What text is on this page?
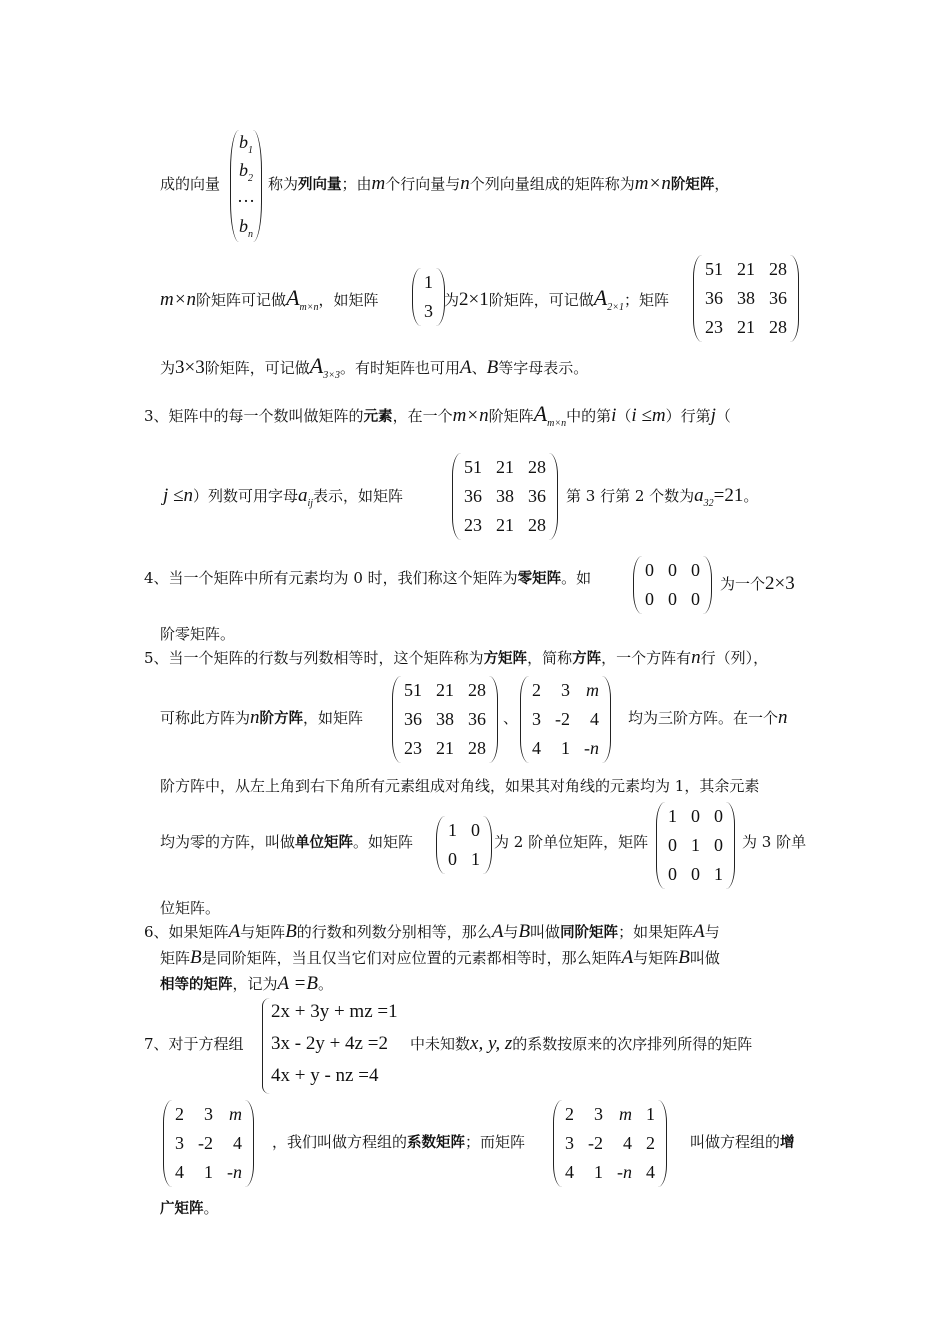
成的向量
$b_1$
$b_2$
…
$b_n$
称为列向量；由m个行向量与n个列向量组成的矩阵称为m×n阶矩阵，
m×n阶矩阵可记做$A_{m\times n}$，如矩阵
1
3
为2×1阶矩阵，可记做$A_{2\times 1}$；矩阵
51	21	28
36	38	36
23	21	28
为3×3阶矩阵，可记做$A_{3\times 3}$。有时矩阵也可用A、B等字母表示。
3、矩阵中的每一个数叫做矩阵的元素，在一个m×n阶矩阵$A_{m\times n}$中的第i（i ≤m）行第j（
j ≤n）列数可用字母$a_{ij}$表示，如矩阵
51	21	28
36	38	36
23	21	28
第 3 行第 2 个数为$a_{32}=21$。
4、当一个矩阵中所有元素均为 0 时，我们称这个矩阵为零矩阵。如	0	0	0
0	0	0
为一个2×3
阶零矩阵。
5、当一个矩阵的行数与列数相等时，这个矩阵称为方矩阵，简称方阵，一个方阵有n行（列），
可称此方阵为n阶方阵，如矩阵
51	21	28
36	38	36
23	21	28
、
2	3	m
3	-2	4
4	1	-n
均为三阶方阵。在一个n
阶方阵中，从左上角到右下角所有元素组成对角线，如果其对角线的元素均为 1，其余元素
均为零的方阵，叫做单位矩阵。如矩阵
1	0
0	1
为 2 阶单位矩阵，矩阵
1	0	0
0	1	0
0	0	1
为 3 阶单
位矩阵。
6、如果矩阵A与矩阵B的行数和列数分别相等，那么A与B叫做同阶矩阵；如果矩阵A与
矩阵B是同阶矩阵，当且仅当它们对应位置的元素都相等时，那么矩阵A与矩阵B叫做
相等的矩阵，记为A =B。
7、对于方程组
2x + 3y + mz =1
3x - 2y + 4z =2
4x + y - nz =4
中未知数x, y, z的系数按原来的次序排列所得的矩阵
2	3	m
3	-2	4
4	1	-n
，我们叫做方程组的系数矩阵；而矩阵
2	3	m	1
3	-2	4	2
4	1	-n	4
叫做方程组的增
广矩阵。
